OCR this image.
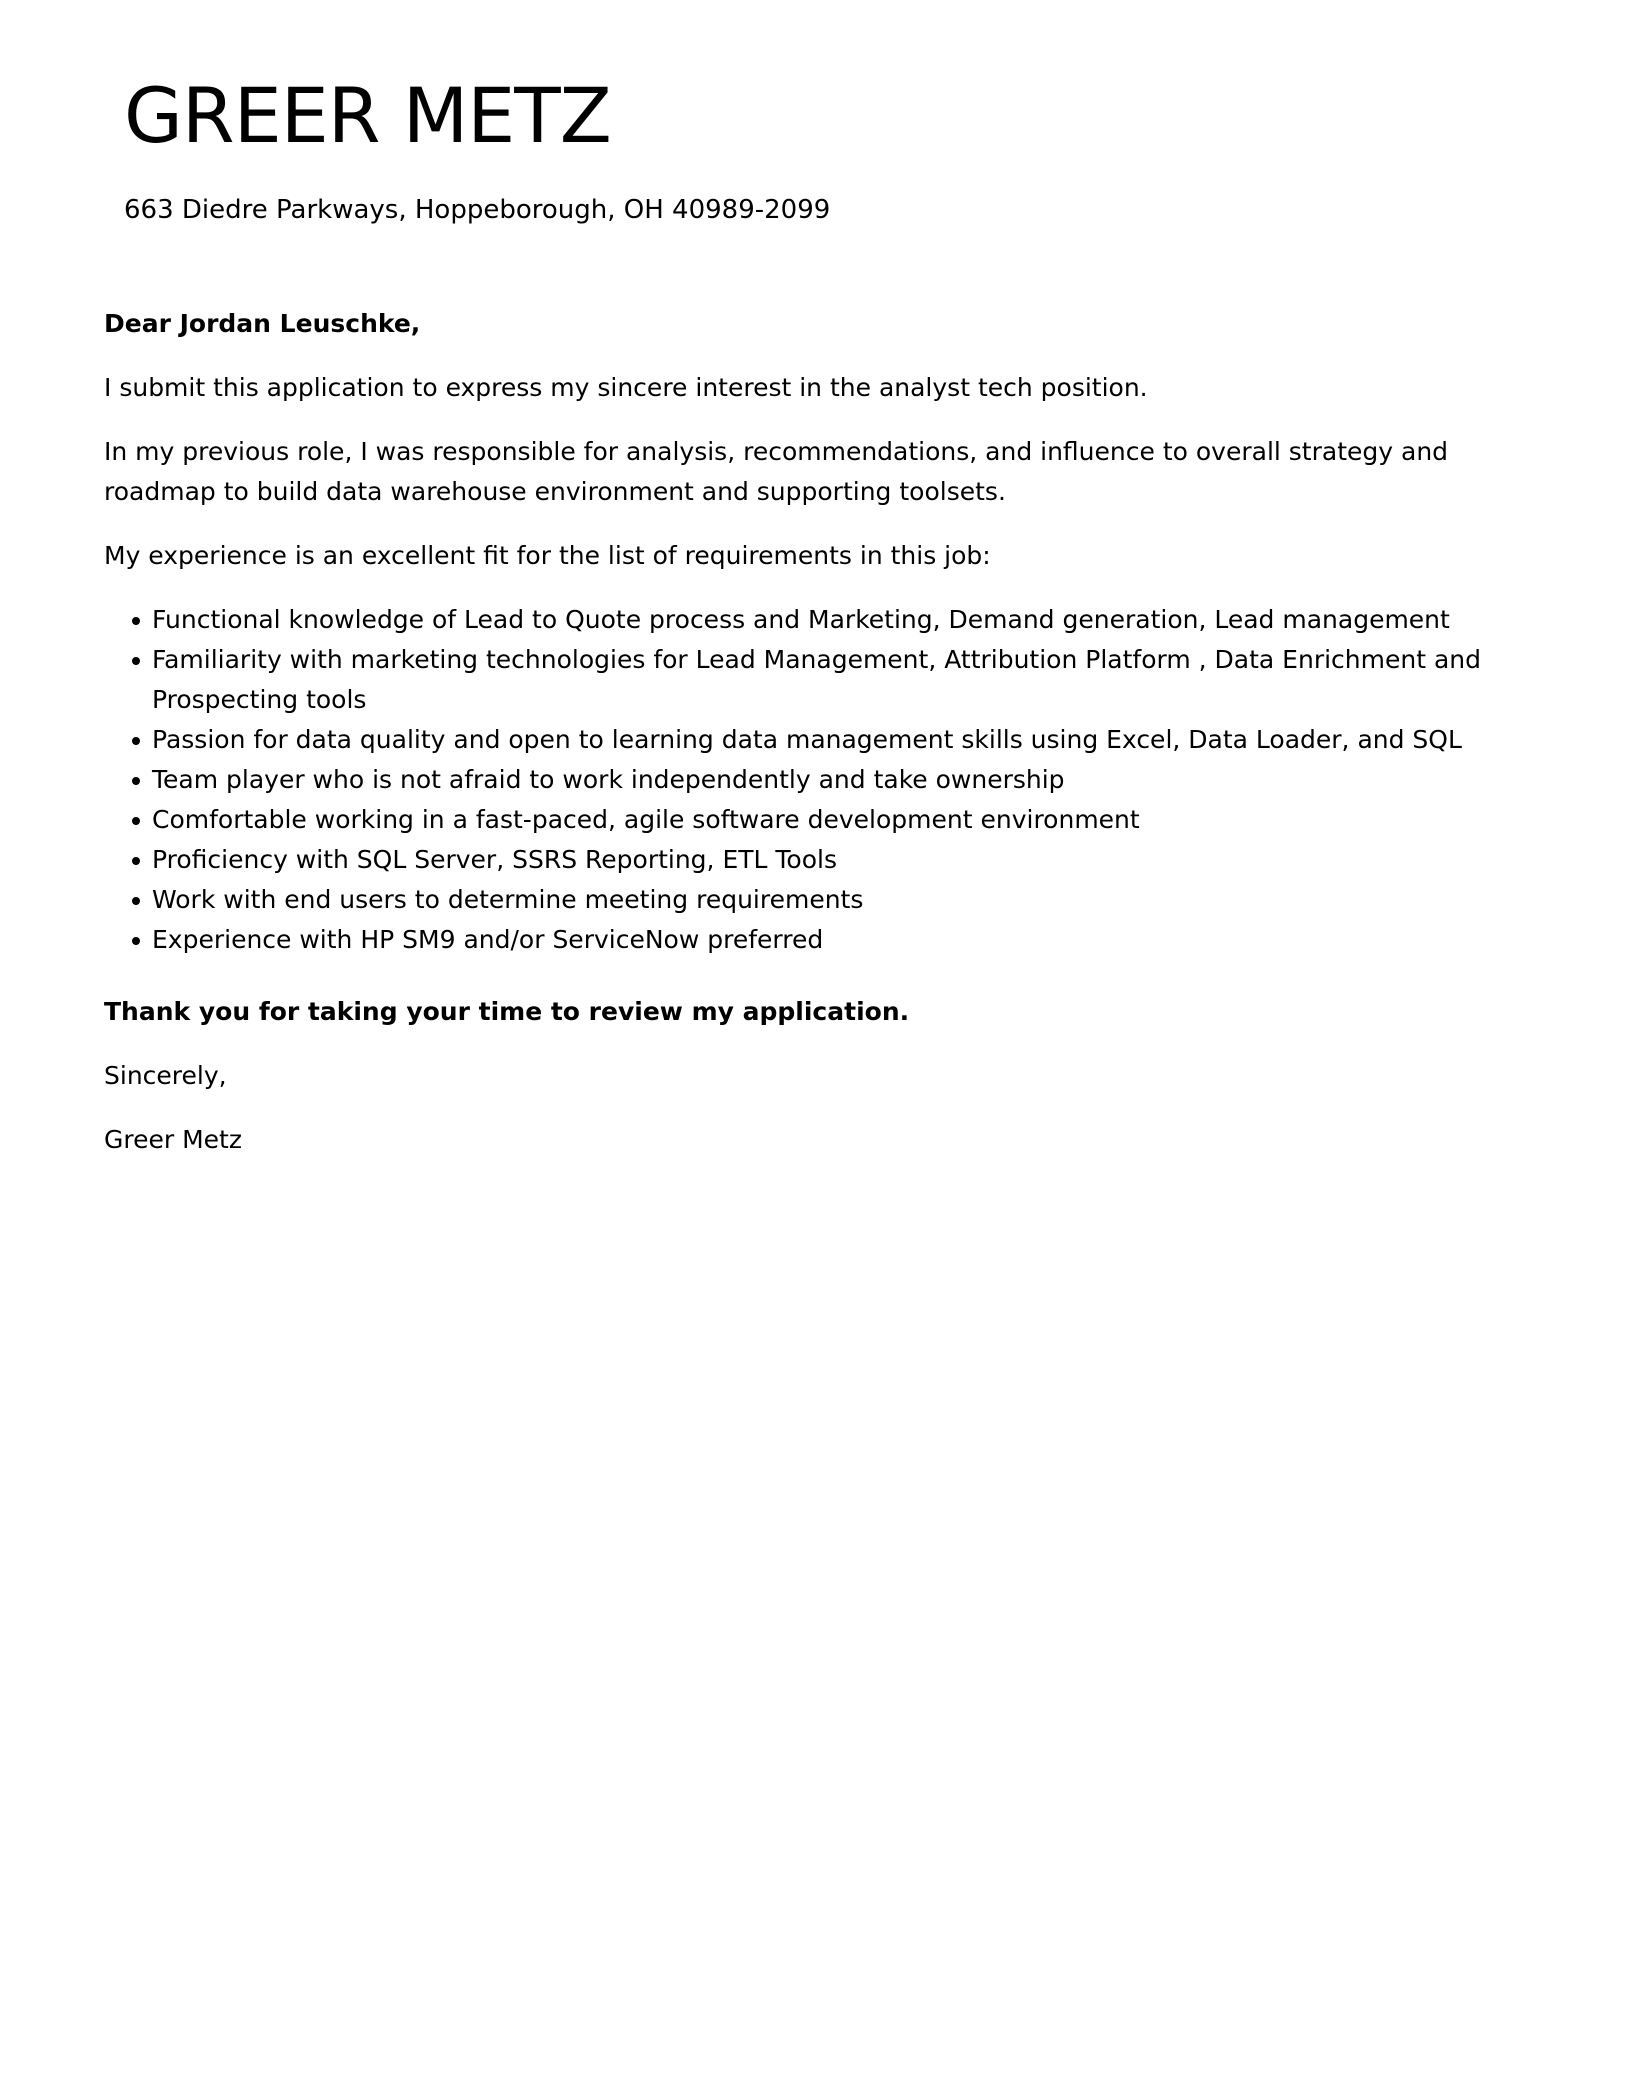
GREER METZ
663 Diedre Parkways, Hoppeborough, OH 40989-2099

Dear Jordan Leuschke,

I submit this application to express my sincere interest in the analyst tech position.

In my previous role, I was responsible for analysis, recommendations, and influence to overall strategy and roadmap to build data warehouse environment and supporting toolsets.

My experience is an excellent fit for the list of requirements in this job:

Functional knowledge of Lead to Quote process and Marketing, Demand generation, Lead management
Familiarity with marketing technologies for Lead Management, Attribution Platform , Data Enrichment and Prospecting tools
Passion for data quality and open to learning data management skills using Excel, Data Loader, and SQL
Team player who is not afraid to work independently and take ownership
Comfortable working in a fast-paced, agile software development environment
Proficiency with SQL Server, SSRS Reporting, ETL Tools
Work with end users to determine meeting requirements
Experience with HP SM9 and/or ServiceNow preferred

Thank you for taking your time to review my application.

Sincerely,

Greer Metz
